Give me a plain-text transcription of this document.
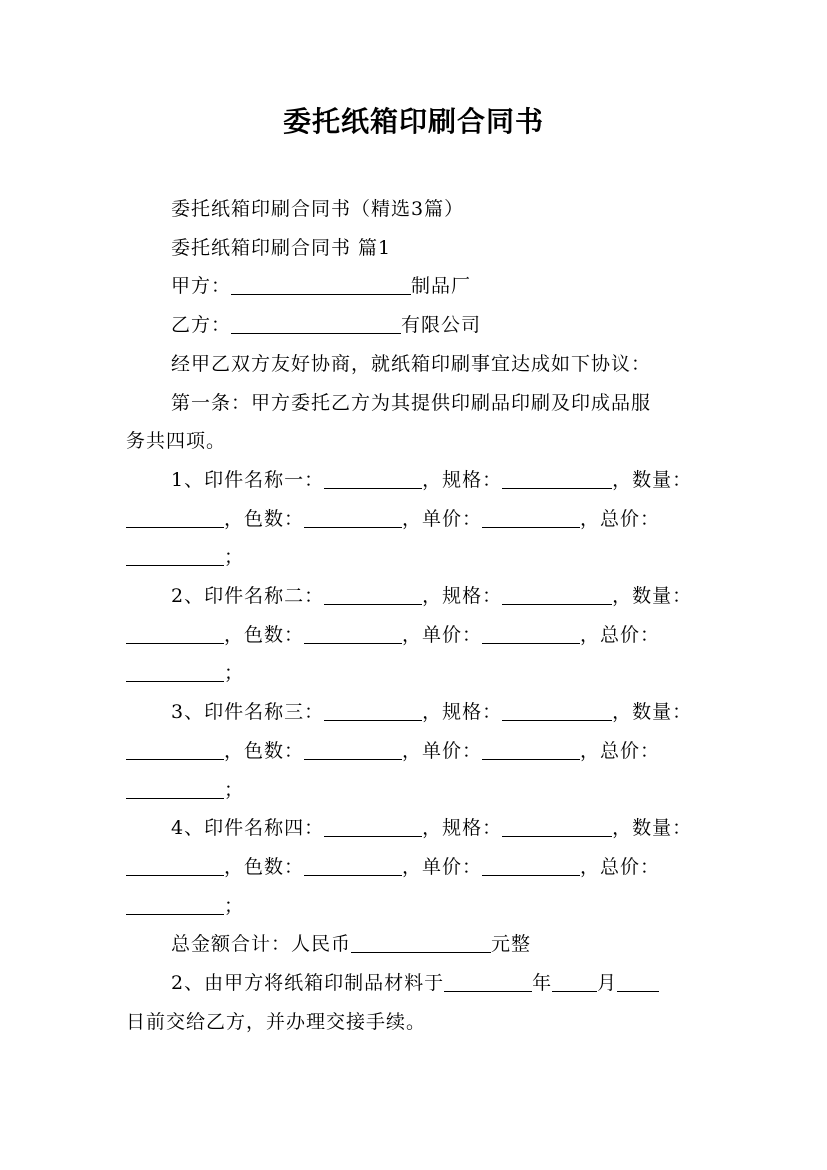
委托纸箱印刷合同书

委托纸箱印刷合同书（精选3篇）

委托纸箱印刷合同书 篇1

甲方：	制品厂

乙方：	有限公司

经甲乙双方友好协商，就纸箱印刷事宜达成如下协议：

第一条：甲方委托乙方为其提供印刷品印刷及印成品服

务共四项。

1、印件名称一：	，规格：	，数量：

，色数：	，单价：	，总价：

；

2、印件名称二：	，规格：	，数量：

，色数：	，单价：	，总价：

；

3、印件名称三：	，规格：	，数量：

，色数：	，单价：	，总价：

；

4、印件名称四：	，规格：	，数量：

，色数：	，单价：	，总价：

；

总金额合计：人民币	元整

2、由甲方将纸箱印制品材料于	年 月

日前交给乙方，并办理交接手续。
